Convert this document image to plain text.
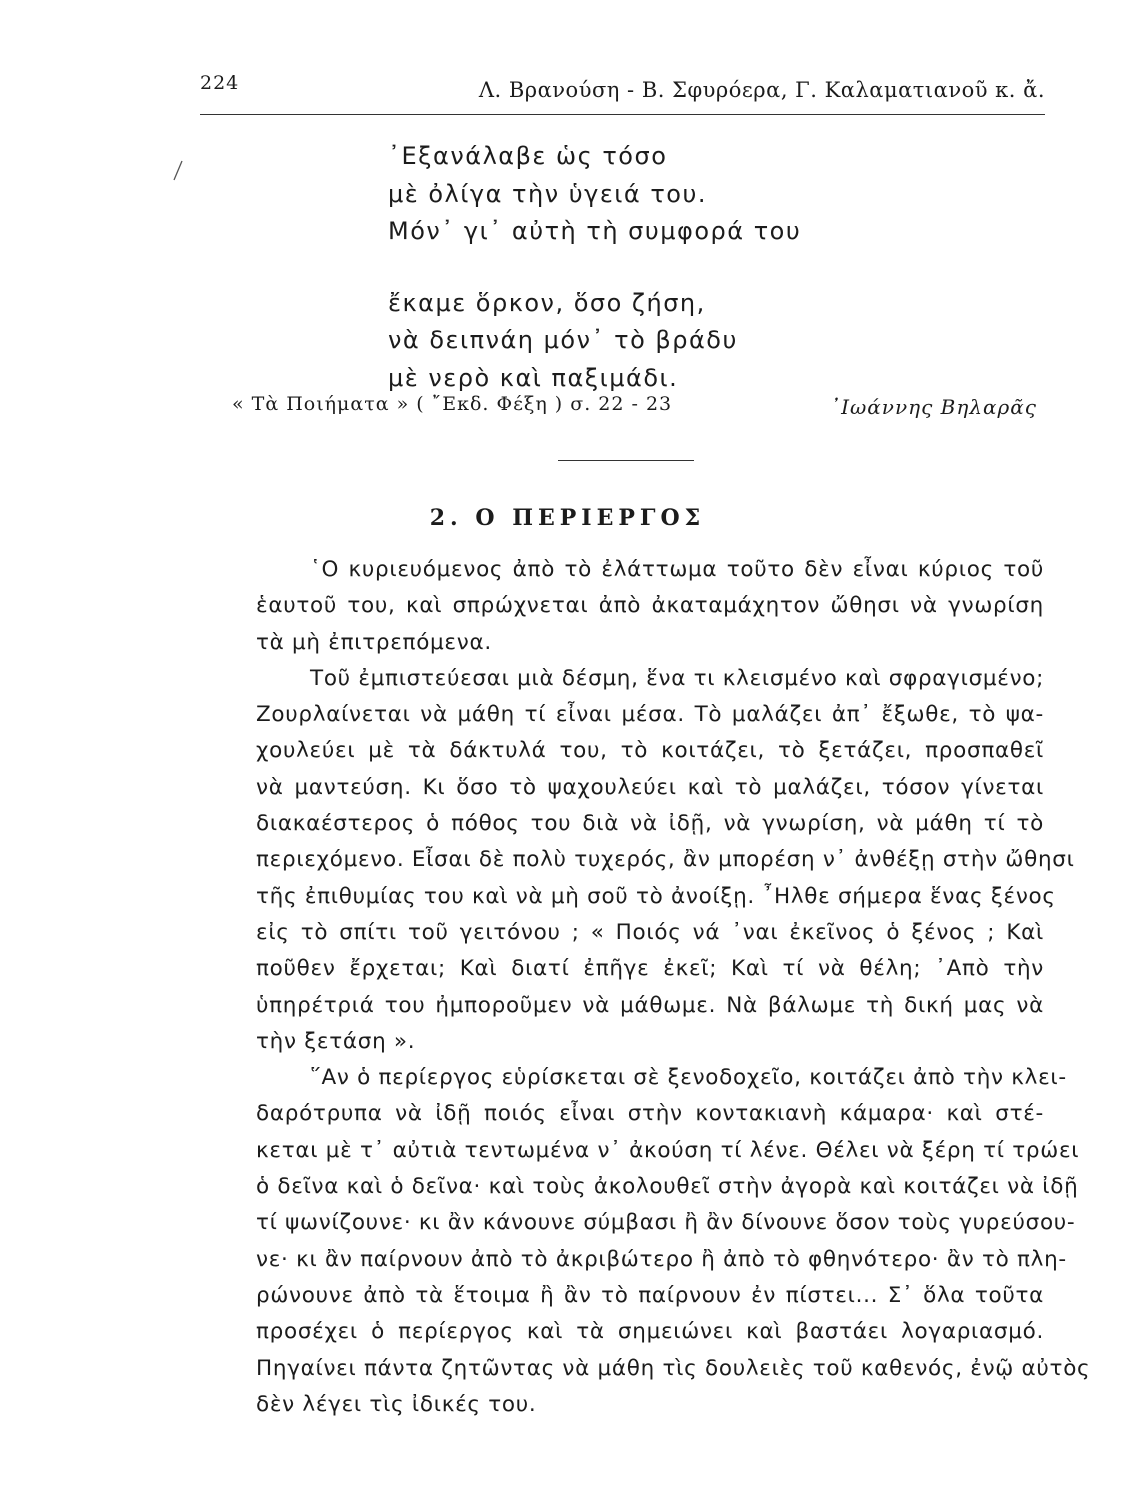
224	Λ. Βρανούση - Β. Σφυρόερα, Γ. Καλαματιανοῦ κ. ἄ.
᾿Εξανάλαβε ὡς τόσο
μὲ ὀλίγα τὴν ὑγειά του.
Μόν᾿ γι᾿ αὐτὴ τὴ συμφορά του
ἔκαμε ὅρκον, ὅσο ζήση,
νὰ δειπνάη μόν᾿ τὸ βράδυ
μὲ νερὸ καὶ παξιμάδι.
« Τὰ Ποιήματα » ( ῎Εκδ. Φέξη ) σ. 22 - 23	᾿Ιωάννης Βηλαρᾶς
2. Ο ΠΕΡΙΕΡΓΟΣ

῾Ο κυριευόμενος ἀπὸ τὸ ἐλάττωμα τοῦτο δὲν εἶναι κύριος τοῦ
ἑαυτοῦ του, καὶ σπρώχνεται ἀπὸ ἀκαταμάχητον ὤθησι νὰ γνωρίση
τὰ μὴ ἐπιτρεπόμενα.

Τοῦ ἐμπιστεύεσαι μιὰ δέσμη, ἕνα τι κλεισμένο καὶ σφραγισμένο;
Ζουρλαίνεται νὰ μάθη τί εἶναι μέσα. Τὸ μαλάζει ἀπ᾿ ἔξωθε, τὸ ψα-
χουλεύει μὲ τὰ δάκτυλά του, τὸ κοιτάζει, τὸ ξετάζει, προσπαθεῖ
νὰ μαντεύση. Κι ὅσο τὸ ψαχουλεύει καὶ τὸ μαλάζει, τόσον γίνεται
διακαέστερος ὁ πόθος του διὰ νὰ ἰδῇ, νὰ γνωρίση, νὰ μάθη τί τὸ
περιεχόμενο. Εἶσαι δὲ πολὺ τυχερός, ἂν μπορέση ν᾿ ἀνθέξῃ στὴν ὤθησι
τῆς ἐπιθυμίας του καὶ νὰ μὴ σοῦ τὸ ἀνοίξῃ. ῏Ηλθε σήμερα ἕνας ξένος
εἰς τὸ σπίτι τοῦ γειτόνου ; « Ποιός νά ᾿ναι ἐκεῖνος ὁ ξένος ; Καὶ
ποῦθεν ἔρχεται; Καὶ διατί ἐπῆγε ἐκεῖ; Καὶ τί νὰ θέλη; ᾿Απὸ τὴν
ὑπηρέτριά του ἠμποροῦμεν νὰ μάθωμε. Νὰ βάλωμε τὴ δική μας νὰ
τὴν ξετάση ».

῞Αν ὁ περίεργος εὑρίσκεται σὲ ξενοδοχεῖο, κοιτάζει ἀπὸ τὴν κλει-
δαρότρυπα νὰ ἰδῇ ποιός εἶναι στὴν κοντακιανὴ κάμαρα· καὶ στέ-
κεται μὲ τ᾿ αὐτιὰ τεντωμένα ν᾿ ἀκούση τί λένε. Θέλει νὰ ξέρη τί τρώει
ὁ δεῖνα καὶ ὁ δεῖνα· καὶ τοὺς ἀκολουθεῖ στὴν ἀγορὰ καὶ κοιτάζει νὰ ἰδῇ
τί ψωνίζουνε· κι ἂν κάνουνε σύμβασι ἢ ἂν δίνουνε ὅσον τοὺς γυρεύσου-
νε· κι ἂν παίρνουν ἀπὸ τὸ ἀκριβώτερο ἢ ἀπὸ τὸ φθηνότερο· ἂν τὸ πλη-
ρώνουνε ἀπὸ τὰ ἕτοιμα ἢ ἂν τὸ παίρνουν ἐν πίστει... Σ᾿ ὅλα τοῦτα
προσέχει ὁ περίεργος καὶ τὰ σημειώνει καὶ βαστάει λογαριασμό.
Πηγαίνει πάντα ζητῶντας νὰ μάθη τὶς δουλειὲς τοῦ καθενός, ἐνῷ αὐτὸς
δὲν λέγει τὶς ἰδικές του.
